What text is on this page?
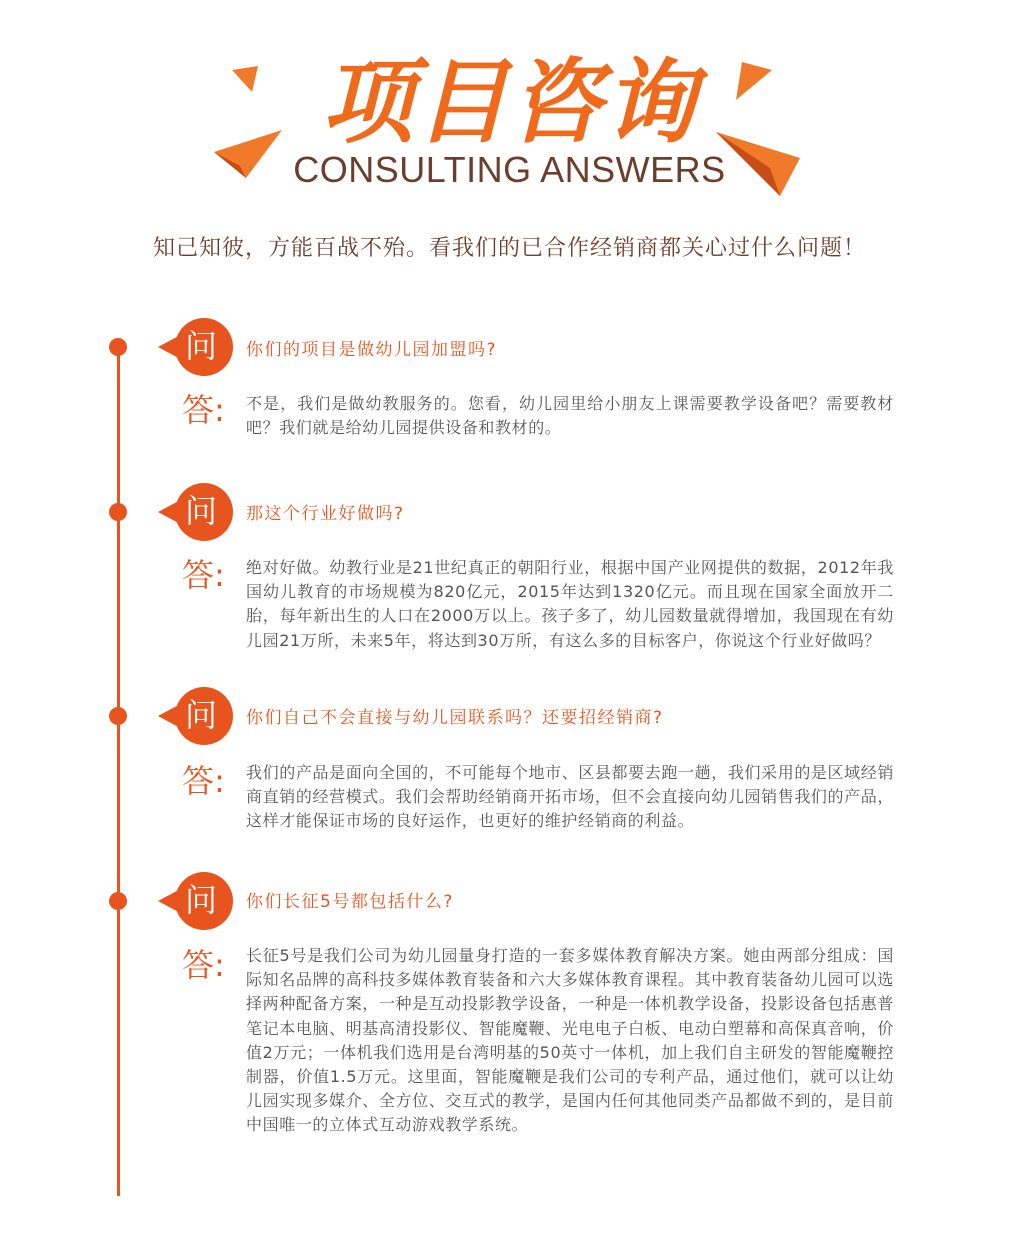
项目咨询
CONSULTING ANSWERS
知己知彼，方能百战不殆。看我们的已合作经销商都关心过什么问题！
问	你们的项目是做幼儿园加盟吗?
答:	不是，我们是做幼教服务的。您看，幼儿园里给小朋友上课需要教学设备吧？需要教材吧？我们就是给幼儿园提供设备和教材的。
问	那这个行业好做吗?
答:	绝对好做。幼教行业是21世纪真正的朝阳行业，根据中国产业网提供的数据，2012年我国幼儿教育的市场规模为820亿元，2015年达到1320亿元。而且现在国家全面放开二胎，每年新出生的人口在2000万以上。孩子多了，幼儿园数量就得增加，我国现在有幼儿园21万所，未来5年，将达到30万所，有这么多的目标客户，你说这个行业好做吗？
问	你们自己不会直接与幼儿园联系吗？还要招经销商?
答:	我们的产品是面向全国的，不可能每个地市、区县都要去跑一趟，我们采用的是区域经销商直销的经营模式。我们会帮助经销商开拓市场，但不会直接向幼儿园销售我们的产品，这样才能保证市场的良好运作，也更好的维护经销商的利益。
问	你们长征5号都包括什么?
答:	长征5号是我们公司为幼儿园量身打造的一套多媒体教育解决方案。她由两部分组成：国际知名品牌的高科技多媒体教育装备和六大多媒体教育课程。其中教育装备幼儿园可以选择两种配备方案，一种是互动投影教学设备，一种是一体机教学设备，投影设备包括惠普笔记本电脑、明基高清投影仪、智能魔鞭、光电电子白板、电动白塑幕和高保真音响，价值2万元；一体机我们选用是台湾明基的50英寸一体机，加上我们自主研发的智能魔鞭控制器，价值1.5万元。这里面，智能魔鞭是我们公司的专利产品，通过他们，就可以让幼儿园实现多媒介、全方位、交互式的教学，是国内任何其他同类产品都做不到的，是目前中国唯一的立体式互动游戏教学系统。
